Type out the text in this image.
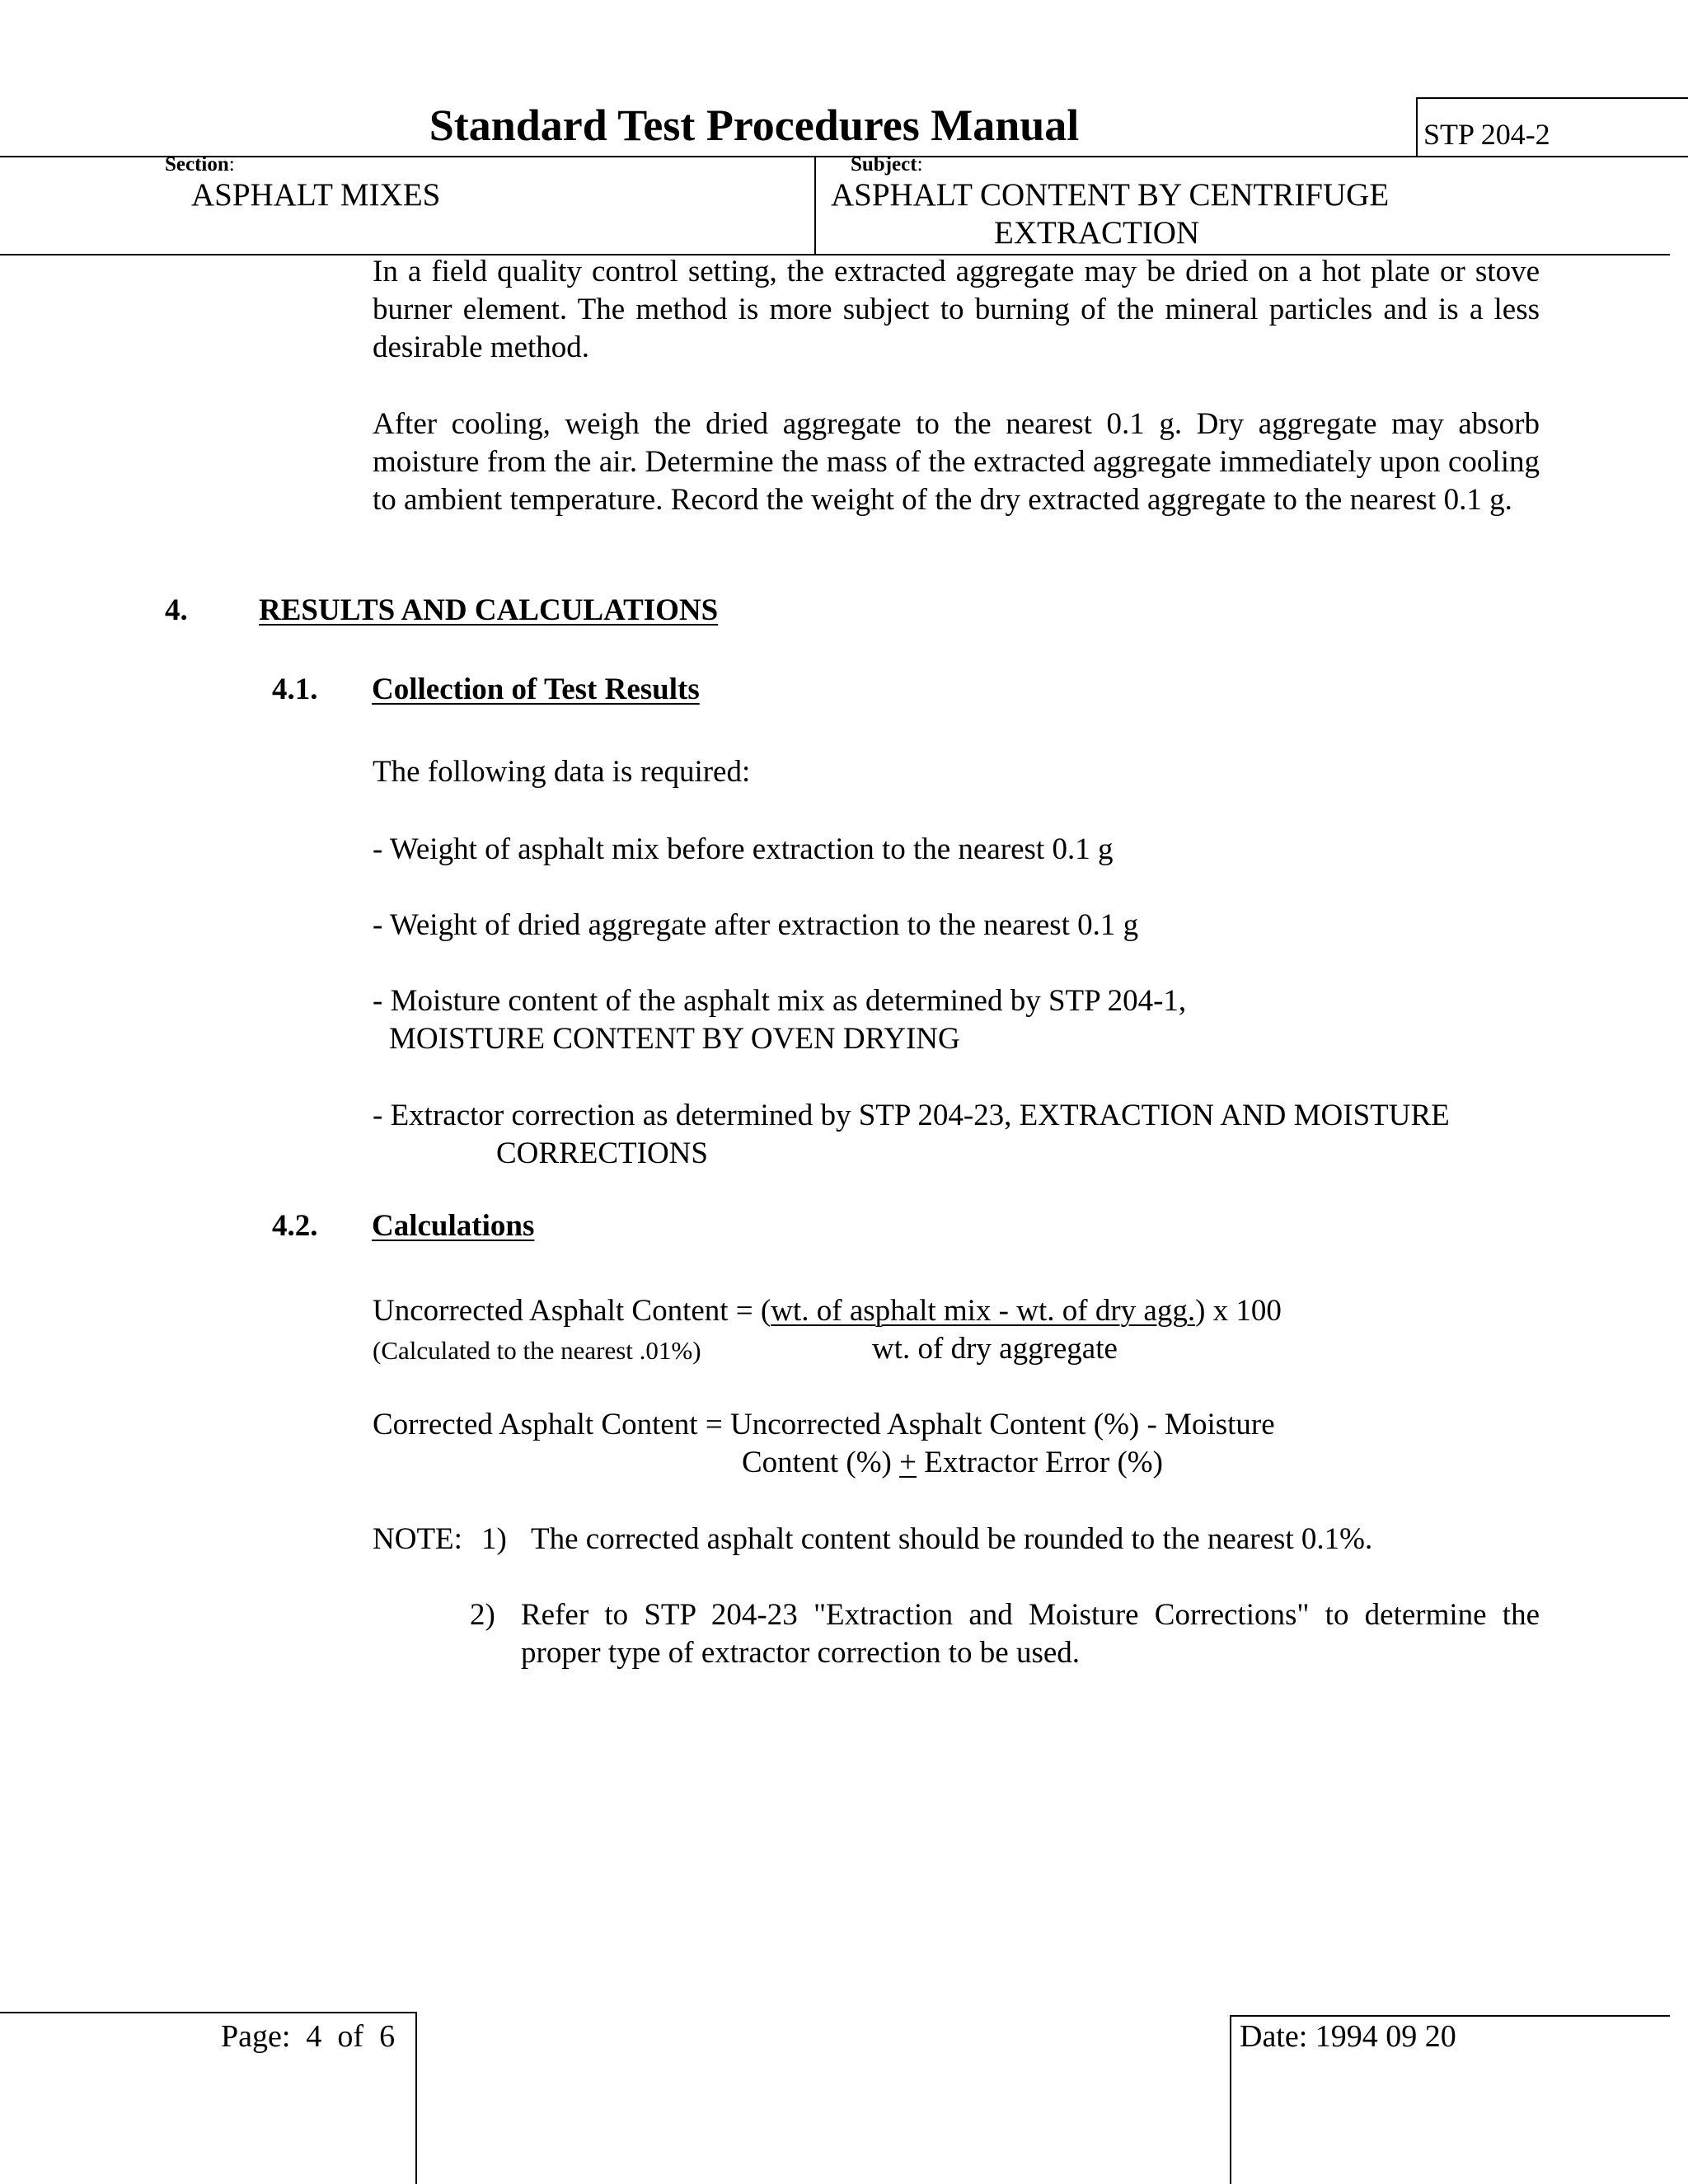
Standard Test Procedures Manual	STP 204-2
Section:
ASPHALT MIXES
Subject:
ASPHALT CONTENT BY CENTRIFUGE
EXTRACTION
In a field quality control setting, the extracted aggregate may be dried on a hot plate or stove burner element. The method is more subject to burning of the mineral particles and is a less desirable method.
After cooling, weigh the dried aggregate to the nearest 0.1 g. Dry aggregate may absorb moisture from the air. Determine the mass of the extracted aggregate immediately upon cooling to ambient temperature. Record the weight of the dry extracted aggregate to the nearest 0.1 g.
4. RESULTS AND CALCULATIONS
4.1. Collection of Test Results
The following data is required:
- Weight of asphalt mix before extraction to the nearest 0.1 g
- Weight of dried aggregate after extraction to the nearest 0.1 g
- Moisture content of the asphalt mix as determined by STP 204-1,
MOISTURE CONTENT BY OVEN DRYING
- Extractor correction as determined by STP 204-23, EXTRACTION AND MOISTURE
CORRECTIONS
4.2. Calculations
Uncorrected Asphalt Content = (wt. of asphalt mix - wt. of dry agg.) x 100
(Calculated to the nearest .01%)	wt. of dry aggregate
Corrected Asphalt Content = Uncorrected Asphalt Content (%) - Moisture
Content (%) + Extractor Error (%)
NOTE: 1) The corrected asphalt content should be rounded to the nearest 0.1%.
2) Refer to STP 204-23 "Extraction and Moisture Corrections" to determine the proper type of extractor correction to be used.
Page:  4  of  6	Date: 1994 09 20
